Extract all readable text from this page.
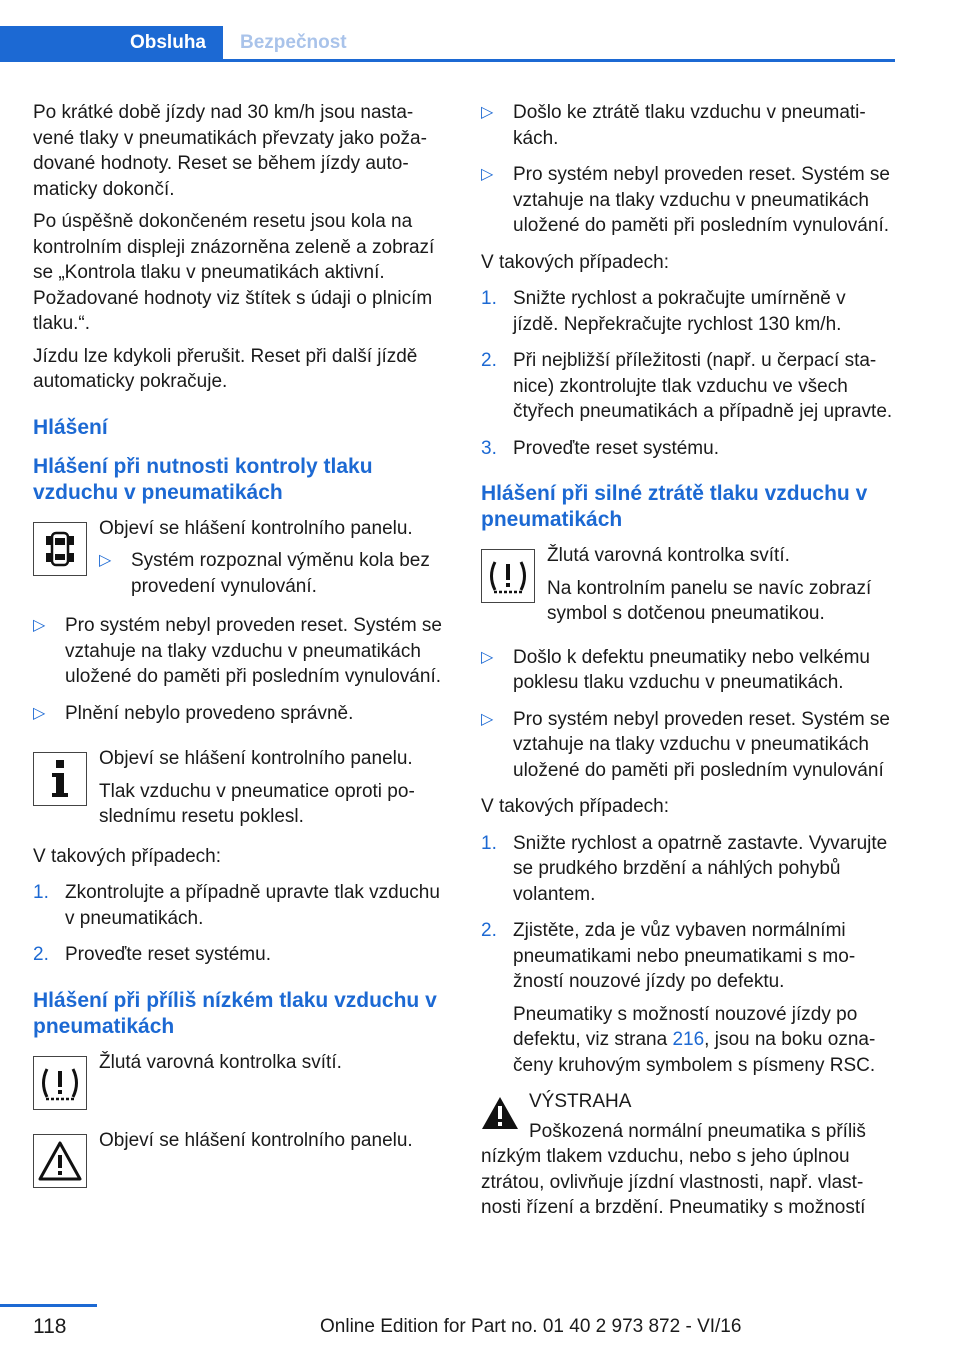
Obsluha Bezpečnost

Po krátké době jízdy nad 30 km/h jsou nastavené tlaky v pneumatikách převzaty jako požadované hodnoty. Reset se během jízdy automaticky dokončí.

Po úspěšně dokončeném resetu jsou kola na kontrolním displeji znázorněna zeleně a zobrazí se „Kontrola tlaku v pneumatikách aktivní. Požadované hodnoty viz štítek s údaji o plnicím tlaku.“.

Jízdu lze kdykoli přerušit. Reset při další jízdě automaticky pokračuje.

Hlášení
Hlášení při nutnosti kontroly tlaku vzduchu v pneumatikách

Objeví se hlášení kontrolního panelu.

▷ Systém rozpoznal výměnu kola bez provedení vynulování.
▷ Pro systém nebyl proveden reset. Systém se vztahuje na tlaky vzduchu v pneumatikách uložené do paměti při posledním vynulování.
▷ Plnění nebylo provedeno správně.

Objeví se hlášení kontrolního panelu.

Tlak vzduchu v pneumatice oproti poslednímu resetu poklesl.

V takových případech:

1. Zkontrolujte a případně upravte tlak vzduchu v pneumatikách.
2. Proveďte reset systému.
Hlášení při příliš nízkém tlaku vzduchu v pneumatikách

Žlutá varovná kontrolka svítí.

Objeví se hlášení kontrolního panelu.

▷ Došlo ke ztrátě tlaku vzduchu v pneumatikách.
▷ Pro systém nebyl proveden reset. Systém se vztahuje na tlaky vzduchu v pneumatikách uložené do paměti při posledním vynulování.

V takových případech:

1. Snižte rychlost a pokračujte umírněně v jízdě. Nepřekračujte rychlost 130 km/h.
2. Při nejbližší příležitosti (např. u čerpací stanice) zkontrolujte tlak vzduchu ve všech čtyřech pneumatikách a případně jej upravte.
3. Proveďte reset systému.
Hlášení při silné ztrátě tlaku vzduchu v pneumatikách

Žlutá varovná kontrolka svítí.

Na kontrolním panelu se navíc zobrazí symbol s dotčenou pneumatikou.

▷ Došlo k defektu pneumatiky nebo velkému poklesu tlaku vzduchu v pneumatikách.
▷ Pro systém nebyl proveden reset. Systém se vztahuje na tlaky vzduchu v pneumatikách uložené do paměti při posledním vynulování

V takových případech:

1. Snižte rychlost a opatrně zastavte. Vyvarujte se prudkého brzdění a náhlých pohybů volantem.
2. Zjistěte, zda je vůz vybaven normálními pneumatikami nebo pneumatikami s možností nouzové jízdy po defektu.

Pneumatiky s možností nouzové jízdy po defektu, viz strana 216, jsou na boku označeny kruhovým symbolem s písmeny RSC.

VÝSTRAHA

Poškozená normální pneumatika s příliš

nízkým tlakem vzduchu, nebo s jeho úplnou ztrátou, ovlivňuje jízdní vlastnosti, např. vlastnosti řízení a brzdění. Pneumatiky s možností

118	Online Edition for Part no. 01 40 2 973 872 - VI/16
